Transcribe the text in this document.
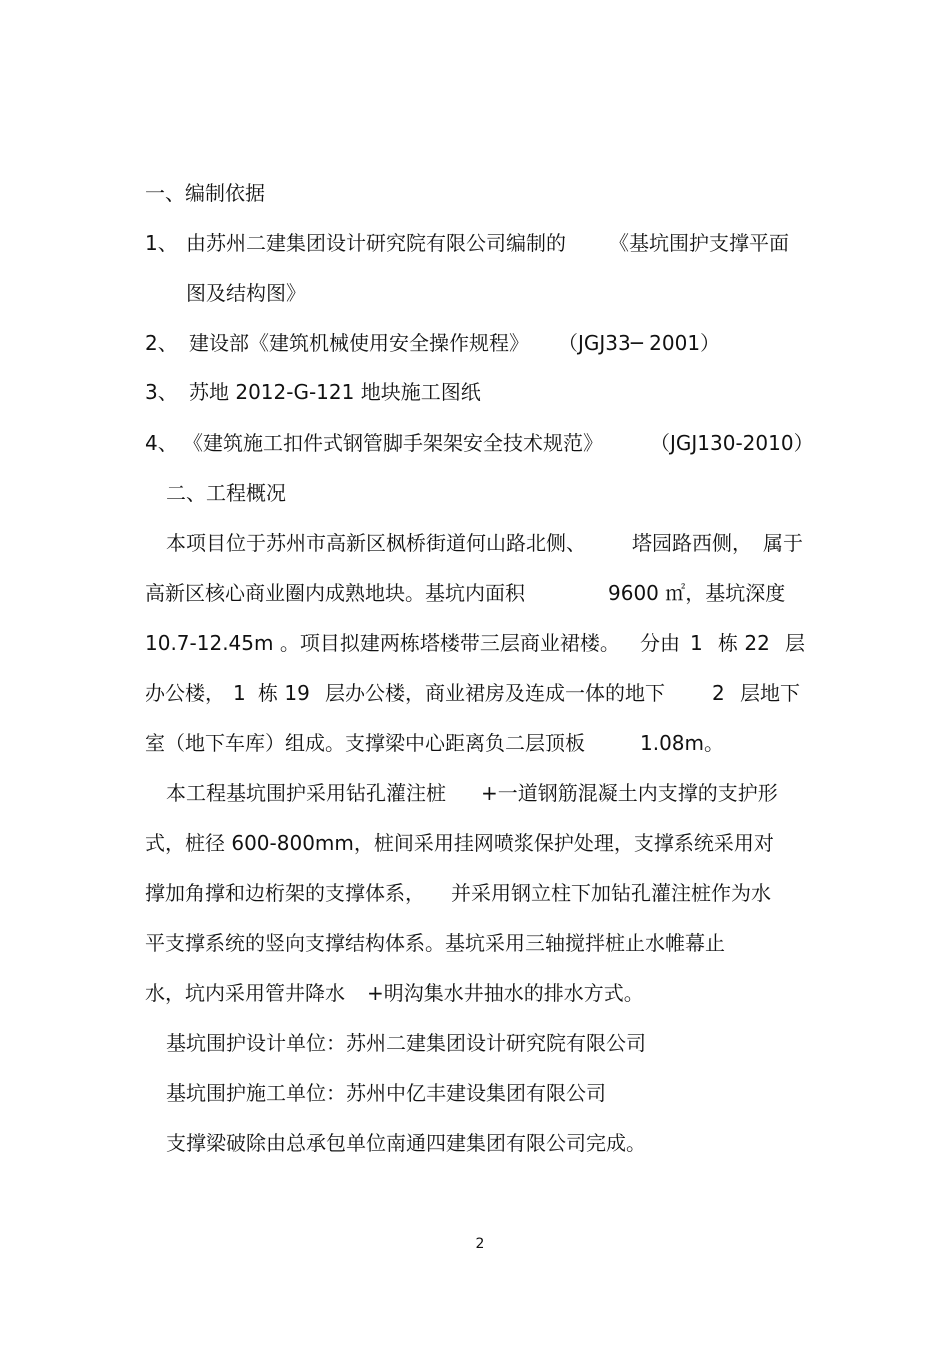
一、编制依据
1、 由苏州二建集团设计研究院有限公司编制的 《基坑围护支撑平面
图及结构图》
2、 建设部《建筑机械使用安全操作规程》 （JGJ33─ 2001）
3、 苏地 2012-G-121 地块施工图纸
4、 《建筑施工扣件式钢管脚手架架安全技术规范》 （JGJ130-2010）
二、工程概况
本项目位于苏州市高新区枫桥街道何山路北侧、 塔园路西侧， 属于
高新区核心商业圈内成熟地块。基坑内面积	9600 ㎡，基坑深度
10.7-12.45m 。项目拟建两栋塔楼带三层商业裙楼。 分由 1 栋 22 层
办公楼， 1 栋 19 层办公楼，商业裙房及连成一体的地下 2 层地下
室（地下车库）组成。支撑梁中心距离负二层顶板	1.08m。
本工程基坑围护采用钻孔灌注桩 +一道钢筋混凝土内支撑的支护形
式，桩径 600-800mm，桩间采用挂网喷浆保护处理，支撑系统采用对
撑加角撑和边桁架的支撑体系， 并采用钢立柱下加钻孔灌注桩作为水
平支撑系统的竖向支撑结构体系。基坑采用三轴搅拌桩止水帷幕止
水，坑内采用管井降水 +明沟集水井抽水的排水方式。
基坑围护设计单位：苏州二建集团设计研究院有限公司
基坑围护施工单位：苏州中亿丰建设集团有限公司
支撑梁破除由总承包单位南通四建集团有限公司完成。
2
